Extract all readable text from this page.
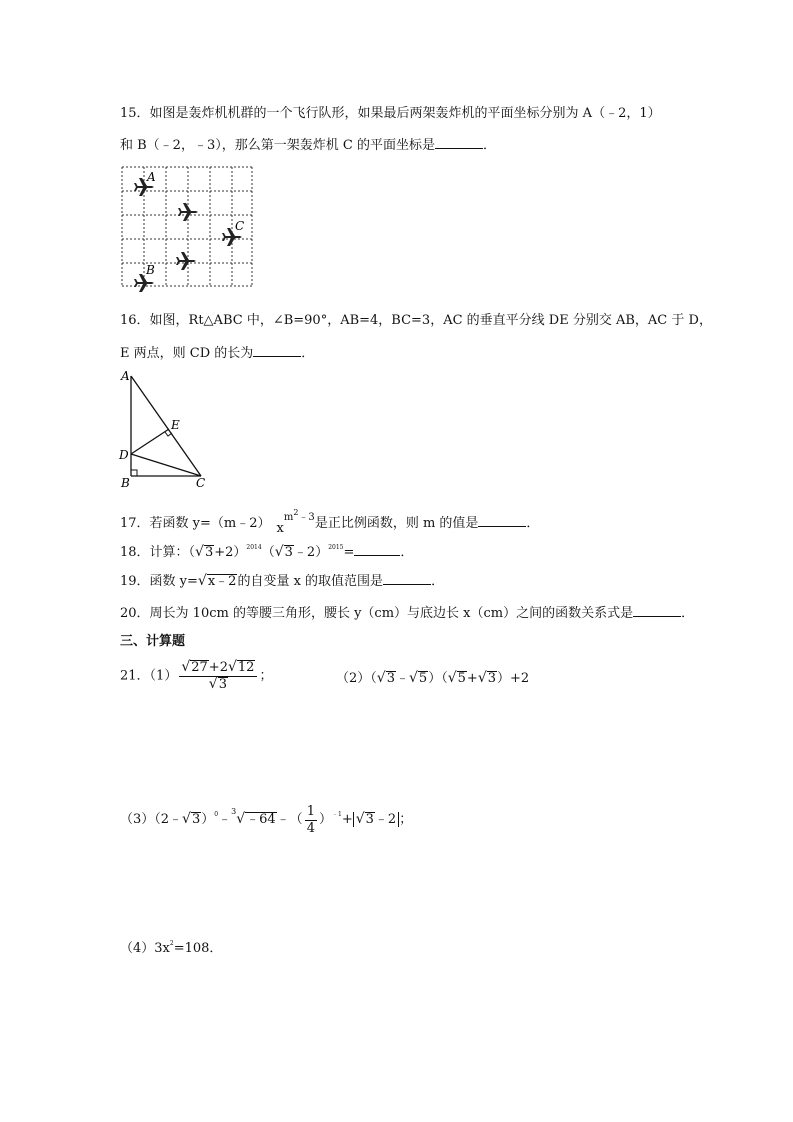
15．如图是轰炸机机群的一个飞行队形，如果最后两架轰炸机的平面坐标分别为 A（﹣2，1）
和 B（﹣2，﹣3），那么第一架轰炸机 C 的平面坐标是	．
A
C
B
16．如图，Rt△ABC 中，∠B=90°，AB=4，BC=3，AC 的垂直平分线 DE 分别交 AB，AC 于 D，
E 两点，则 CD 的长为	．
A
E
D
B	C
17．若函数 y=（m﹣2） $x^{m2﹣3}$是正比例函数，则 m 的值是	．
18．计算：$(√3+2)^{2014}(√3﹣2)^{2015}=$	．
19．函数 y=√x﹣2的自变量 x 的取值范围是	．
20．周长为 10cm 的等腰三角形，腰长 y（cm）与底边长 x（cm）之间的函数关系式是	．
三、计算题
21．$(1) \frac{√27+2√12}{√3}$ ；	（2）（√3﹣√5）（√5+√3）+2
（3）（2﹣√3）$^0$﹣$^3$√﹣64﹣（ $\frac{1}{4} )^{﹣1}+$ √3﹣2 ；
$(4)3x^2=108$．
